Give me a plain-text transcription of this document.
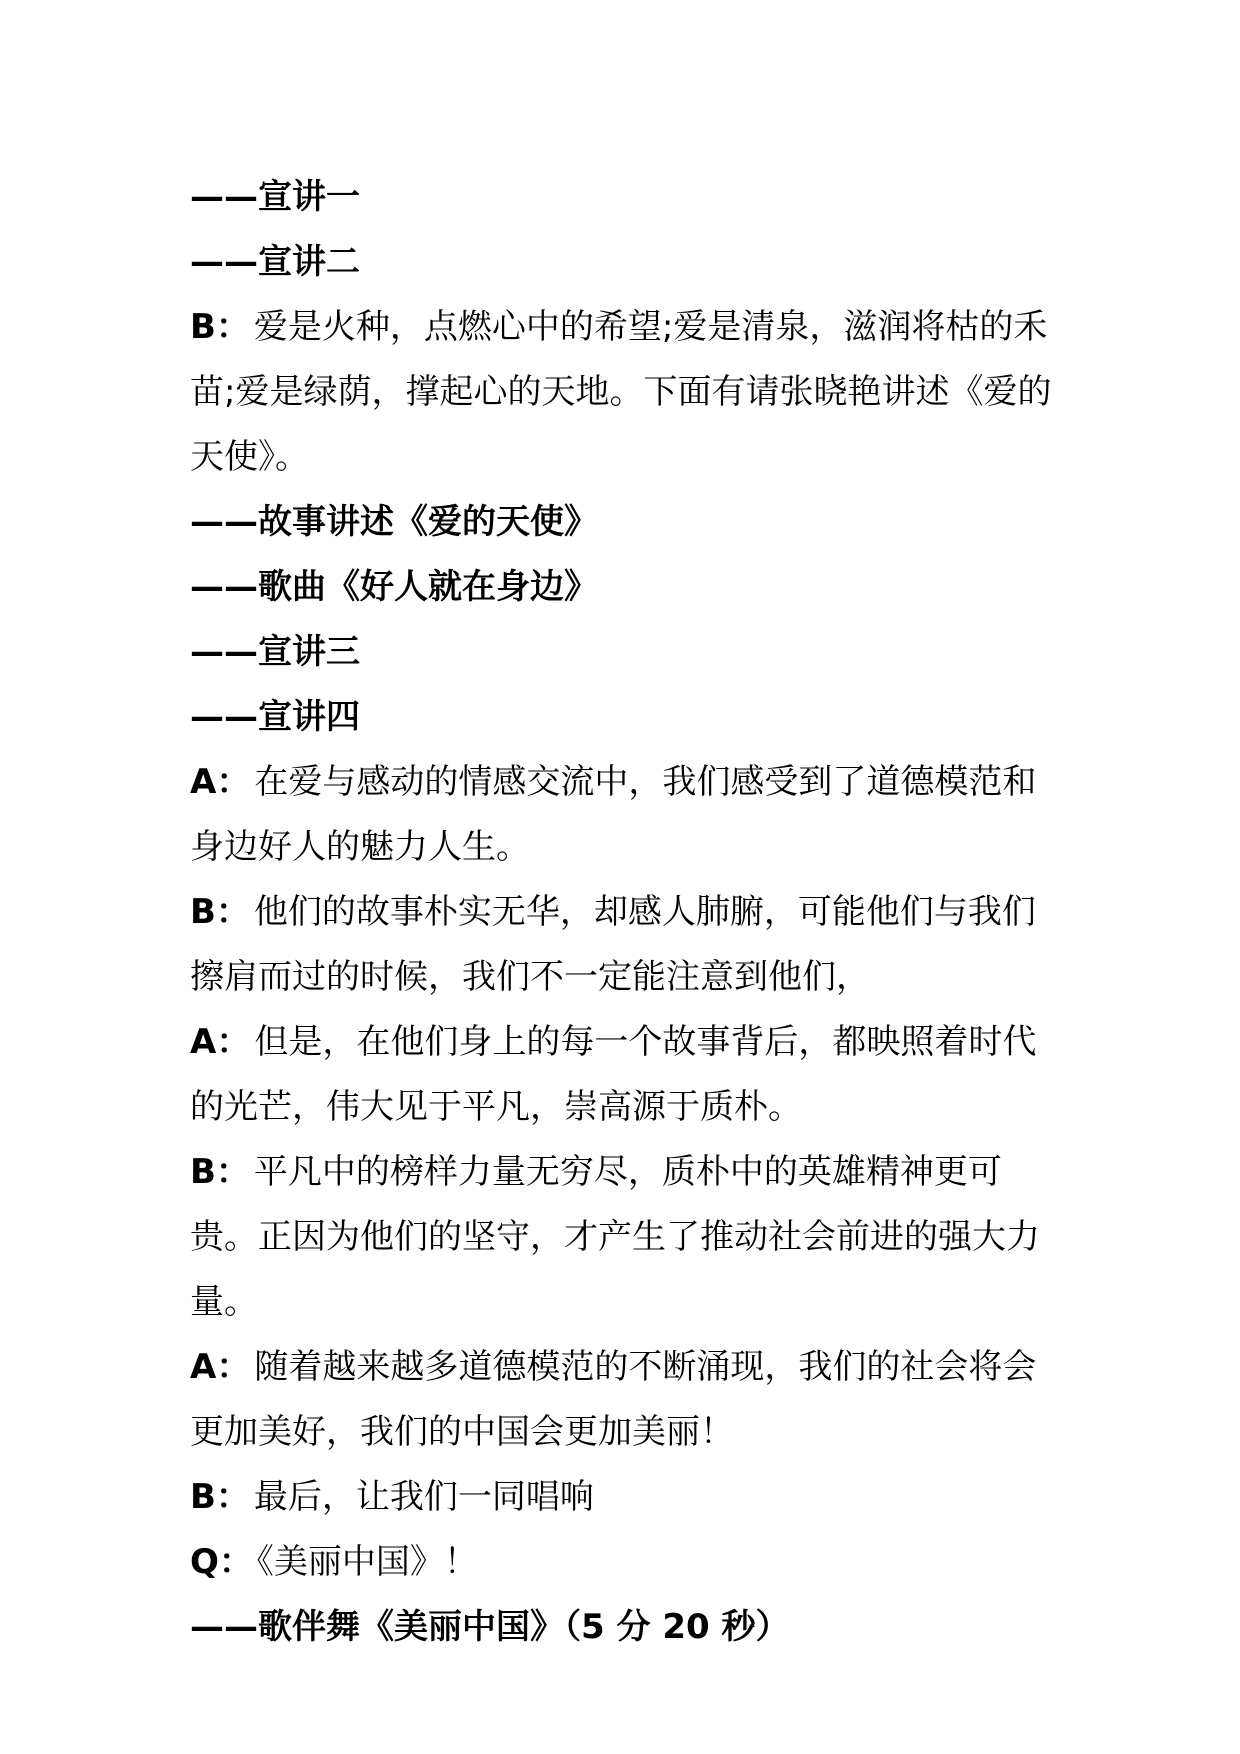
——宣讲一

——宣讲二

B： 爱是火种，点燃心中的希望;爱是清泉，滋润将枯的禾苗;爱是绿荫，撑起心的天地。下面有请张晓艳讲述《爱的天使》。

——故事讲述《爱的天使》

——歌曲《好人就在身边》

——宣讲三

——宣讲四

A： 在爱与感动的情感交流中，我们感受到了道德模范和身边好人的魅力人生。

B： 他们的故事朴实无华，却感人肺腑，可能他们与我们擦肩而过的时候，我们不一定能注意到他们，

A： 但是，在他们身上的每一个故事背后，都映照着时代的光芒，伟大见于平凡，崇高源于质朴。

B： 平凡中的榜样力量无穷尽，质朴中的英雄精神更可贵。正因为他们的坚守，才产生了推动社会前进的强大力量。

A： 随着越来越多道德模范的不断涌现，我们的社会将会更加美好，我们的中国会更加美丽！

B： 最后，让我们一同唱响

Q： 《美丽中国》！

——歌伴舞《美丽中国》（5 分 20 秒）
